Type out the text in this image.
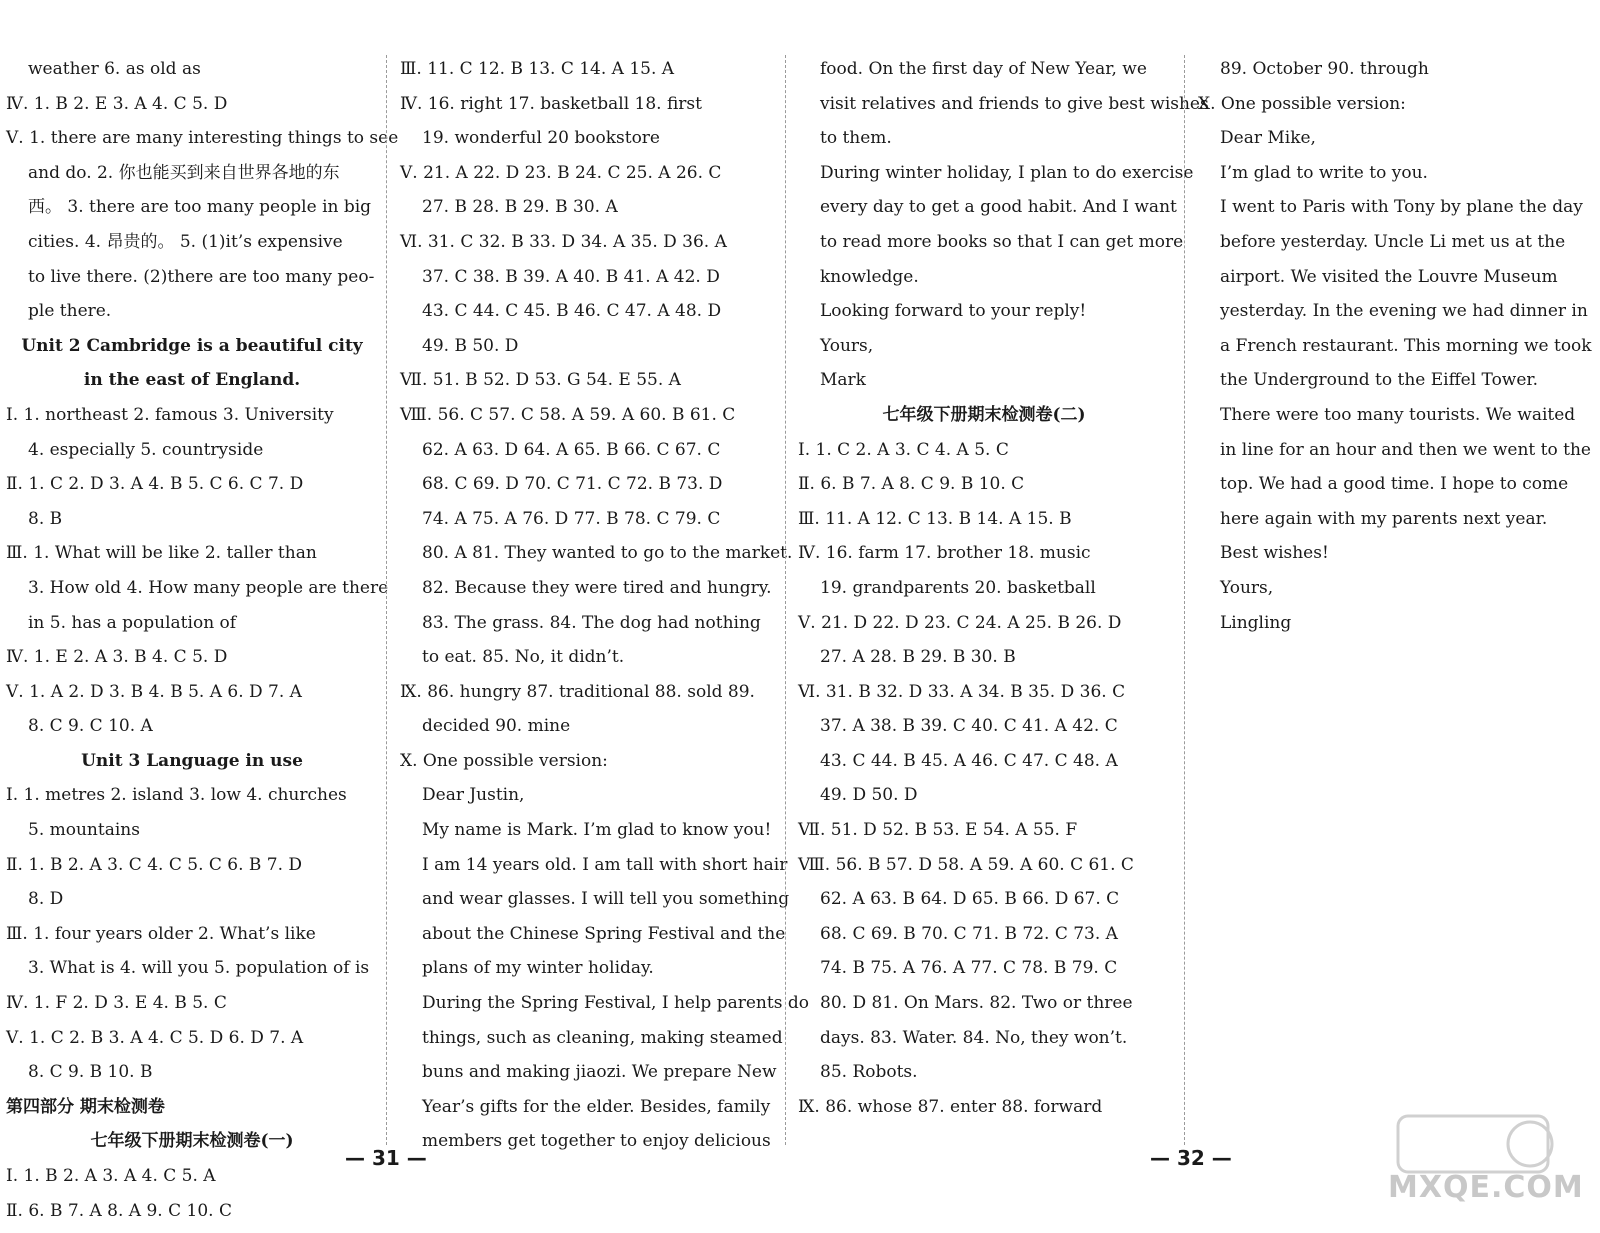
weather 6. as old as
Ⅳ. 1. B 2. E 3. A 4. C 5. D
Ⅴ. 1. there are many interesting things to see
and do. 2. 你也能买到来自世界各地的东
西。 3. there are too many people in big
cities. 4. 昂贵的。 5. (1)it’s expensive
to live there. (2)there are too many peo-
ple there.
Unit 2 Cambridge is a beautiful city
in the east of England.
Ⅰ. 1. northeast 2. famous 3. University
4. especially 5. countryside
Ⅱ. 1. C 2. D 3. A 4. B 5. C 6. C 7. D
8. B
Ⅲ. 1. What will be like 2. taller than
3. How old 4. How many people are there
in 5. has a population of
Ⅳ. 1. E 2. A 3. B 4. C 5. D
Ⅴ. 1. A 2. D 3. B 4. B 5. A 6. D 7. A
8. C 9. C 10. A
Unit 3 Language in use
Ⅰ. 1. metres 2. island 3. low 4. churches
5. mountains
Ⅱ. 1. B 2. A 3. C 4. C 5. C 6. B 7. D
8. D
Ⅲ. 1. four years older 2. What’s like
3. What is 4. will you 5. population of is
Ⅳ. 1. F 2. D 3. E 4. B 5. C
Ⅴ. 1. C 2. B 3. A 4. C 5. D 6. D 7. A
8. C 9. B 10. B
第四部分 期末检测卷
七年级下册期末检测卷(一)
Ⅰ. 1. B 2. A 3. A 4. C 5. A
Ⅱ. 6. B 7. A 8. A 9. C 10. C
Ⅲ. 11. C 12. B 13. C 14. A 15. A
Ⅳ. 16. right 17. basketball 18. first
19. wonderful 20 bookstore
Ⅴ. 21. A 22. D 23. B 24. C 25. A 26. C
27. B 28. B 29. B 30. A
Ⅵ. 31. C 32. B 33. D 34. A 35. D 36. A
37. C 38. B 39. A 40. B 41. A 42. D
43. C 44. C 45. B 46. C 47. A 48. D
49. B 50. D
Ⅶ. 51. B 52. D 53. G 54. E 55. A
Ⅷ. 56. C 57. C 58. A 59. A 60. B 61. C
62. A 63. D 64. A 65. B 66. C 67. C
68. C 69. D 70. C 71. C 72. B 73. D
74. A 75. A 76. D 77. B 78. C 79. C
80. A 81. They wanted to go to the market.
82. Because they were tired and hungry.
83. The grass. 84. The dog had nothing
to eat. 85. No, it didn’t.
Ⅸ. 86. hungry 87. traditional 88. sold 89.
decided 90. mine
Ⅹ. One possible version:
Dear Justin,
My name is Mark. I’m glad to know you!
I am 14 years old. I am tall with short hair
and wear glasses. I will tell you something
about the Chinese Spring Festival and the
plans of my winter holiday.
During the Spring Festival, I help parents do
things, such as cleaning, making steamed
buns and making jiaozi. We prepare New
Year’s gifts for the elder. Besides, family
members get together to enjoy delicious
food. On the first day of New Year, we
visit relatives and friends to give best wishes
to them.
During winter holiday, I plan to do exercise
every day to get a good habit. And I want
to read more books so that I can get more
knowledge.
Looking forward to your reply!
Yours,
Mark
七年级下册期末检测卷(二)
Ⅰ. 1. C 2. A 3. C 4. A 5. C
Ⅱ. 6. B 7. A 8. C 9. B 10. C
Ⅲ. 11. A 12. C 13. B 14. A 15. B
Ⅳ. 16. farm 17. brother 18. music
19. grandparents 20. basketball
Ⅴ. 21. D 22. D 23. C 24. A 25. B 26. D
27. A 28. B 29. B 30. B
Ⅵ. 31. B 32. D 33. A 34. B 35. D 36. C
37. A 38. B 39. C 40. C 41. A 42. C
43. C 44. B 45. A 46. C 47. C 48. A
49. D 50. D
Ⅶ. 51. D 52. B 53. E 54. A 55. F
Ⅷ. 56. B 57. D 58. A 59. A 60. C 61. C
62. A 63. B 64. D 65. B 66. D 67. C
68. C 69. B 70. C 71. B 72. C 73. A
74. B 75. A 76. A 77. C 78. B 79. C
80. D 81. On Mars. 82. Two or three
days. 83. Water. 84. No, they won’t.
85. Robots.
Ⅸ. 86. whose 87. enter 88. forward
89. October 90. through
Ⅹ. One possible version:
Dear Mike,
I’m glad to write to you.
I went to Paris with Tony by plane the day
before yesterday. Uncle Li met us at the
airport. We visited the Louvre Museum
yesterday. In the evening we had dinner in
a French restaurant. This morning we took
the Underground to the Eiffel Tower.
There were too many tourists. We waited
in line for an hour and then we went to the
top. We had a good time. I hope to come
here again with my parents next year.
Best wishes!
Yours,
Lingling
— 31 —	— 32 —
MXQE.COM
